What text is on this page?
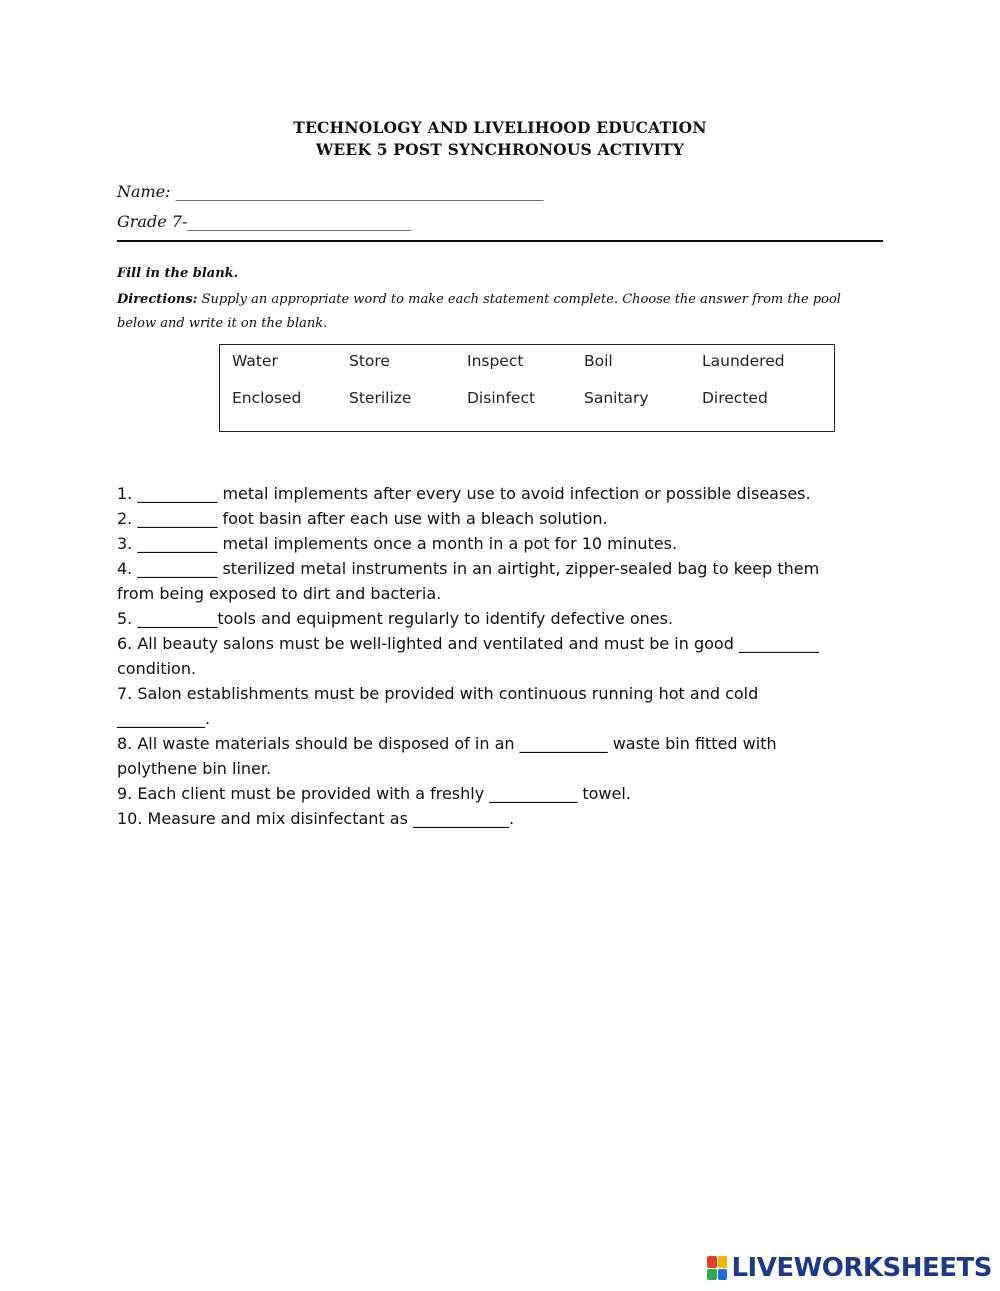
TECHNOLOGY AND LIVELIHOOD EDUCATION
WEEK 5 POST SYNCHRONOUS ACTIVITY
Name: ______________________________________________
Grade 7-____________________________
Fill in the blank.
Directions: Supply an appropriate word to make each statement complete. Choose the answer from the pool below and write it on the blank.
Water	Store	Inspect	Boil	Laundered
Enclosed	Sterilize	Disinfect	Sanitary	Directed
1. __________ metal implements after every use to avoid infection or possible diseases.
2. __________ foot basin after each use with a bleach solution.
3. __________ metal implements once a month in a pot for 10 minutes.
4. __________ sterilized metal instruments in an airtight, zipper-sealed bag to keep them
from being exposed to dirt and bacteria.
5. __________tools and equipment regularly to identify defective ones.
6. All beauty salons must be well-lighted and ventilated and must be in good __________
condition.
7. Salon establishments must be provided with continuous running hot and cold
___________.
8. All waste materials should be disposed of in an ___________ waste bin fitted with
polythene bin liner.
9. Each client must be provided with a freshly ___________ towel.
10. Measure and mix disinfectant as ____________.
LIVEWORKSHEETS
